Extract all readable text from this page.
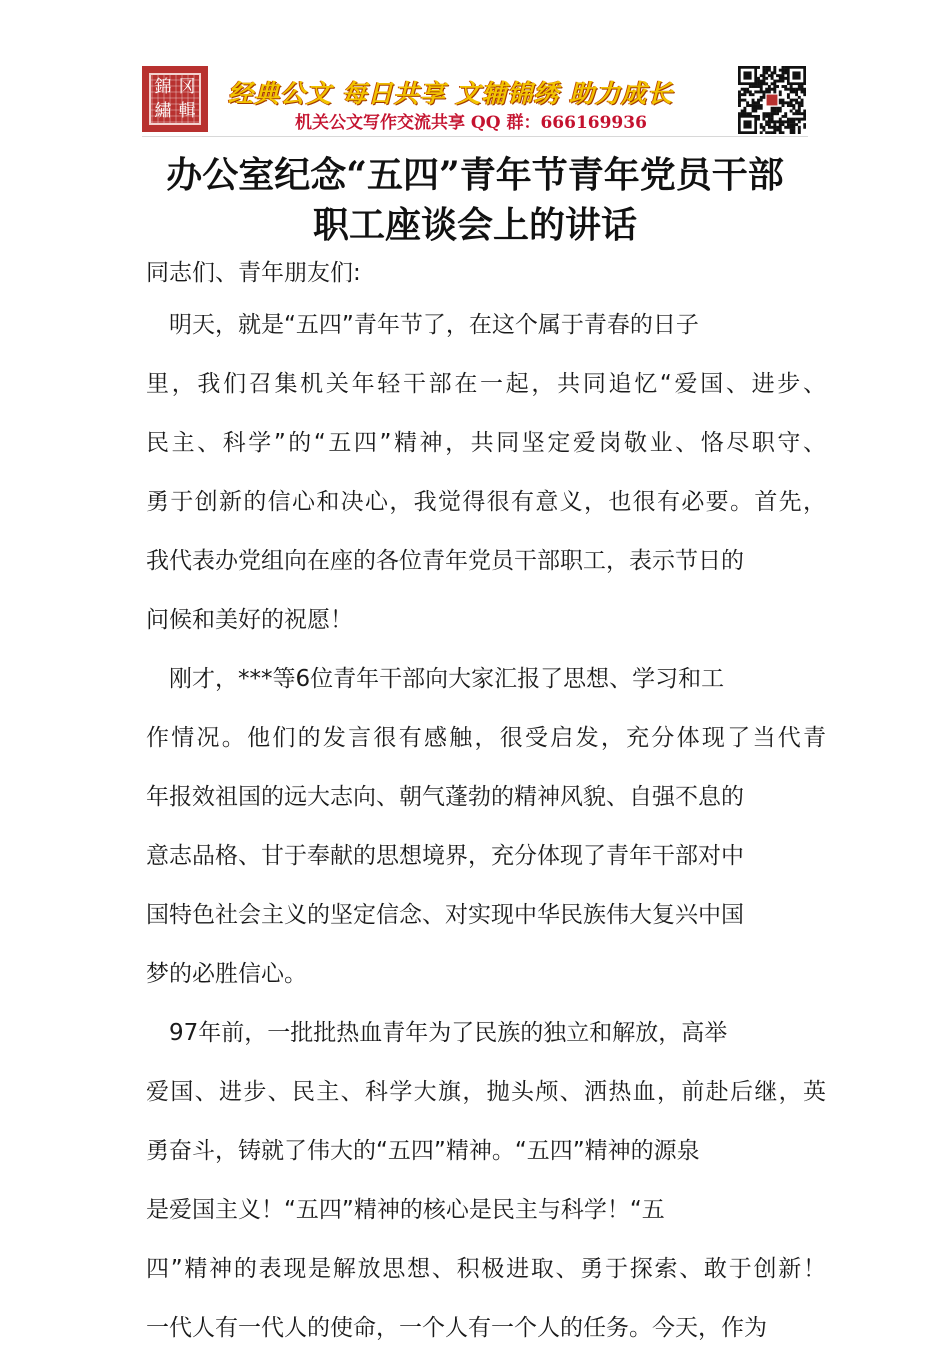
錦 冈
繡 輯
经典公文 每日共享 文辅锦绣 助力成长
机关公文写作交流共享 QQ 群：666169936
办公室纪念“五四”青年节青年党员干部
职工座谈会上的讲话
同志们、青年朋友们:
　明天，就是“五四”青年节了，在这个属于青春的日子
里，我们召集机关年轻干部在一起，共同追忆“爱国、进步、
民主、科学”的“五四”精神，共同坚定爱岗敬业、恪尽职守、
勇于创新的信心和决心，我觉得很有意义，也很有必要。首先，
我代表办党组向在座的各位青年党员干部职工，表示节日的
问候和美好的祝愿！
　刚才，***等6位青年干部向大家汇报了思想、学习和工
作情况。他们的发言很有感触，很受启发，充分体现了当代青
年报效祖国的远大志向、朝气蓬勃的精神风貌、自强不息的
意志品格、甘于奉献的思想境界，充分体现了青年干部对中
国特色社会主义的坚定信念、对实现中华民族伟大复兴中国
梦的必胜信心。
　97年前，一批批热血青年为了民族的独立和解放，高举
爱国、进步、民主、科学大旗，抛头颅、洒热血，前赴后继，英
勇奋斗，铸就了伟大的“五四”精神。“五四”精神的源泉
是爱国主义！“五四”精神的核心是民主与科学！“五
四”精神的表现是解放思想、积极进取、勇于探索、敢于创新！
一代人有一代人的使命，一个人有一个人的任务。今天，作为
